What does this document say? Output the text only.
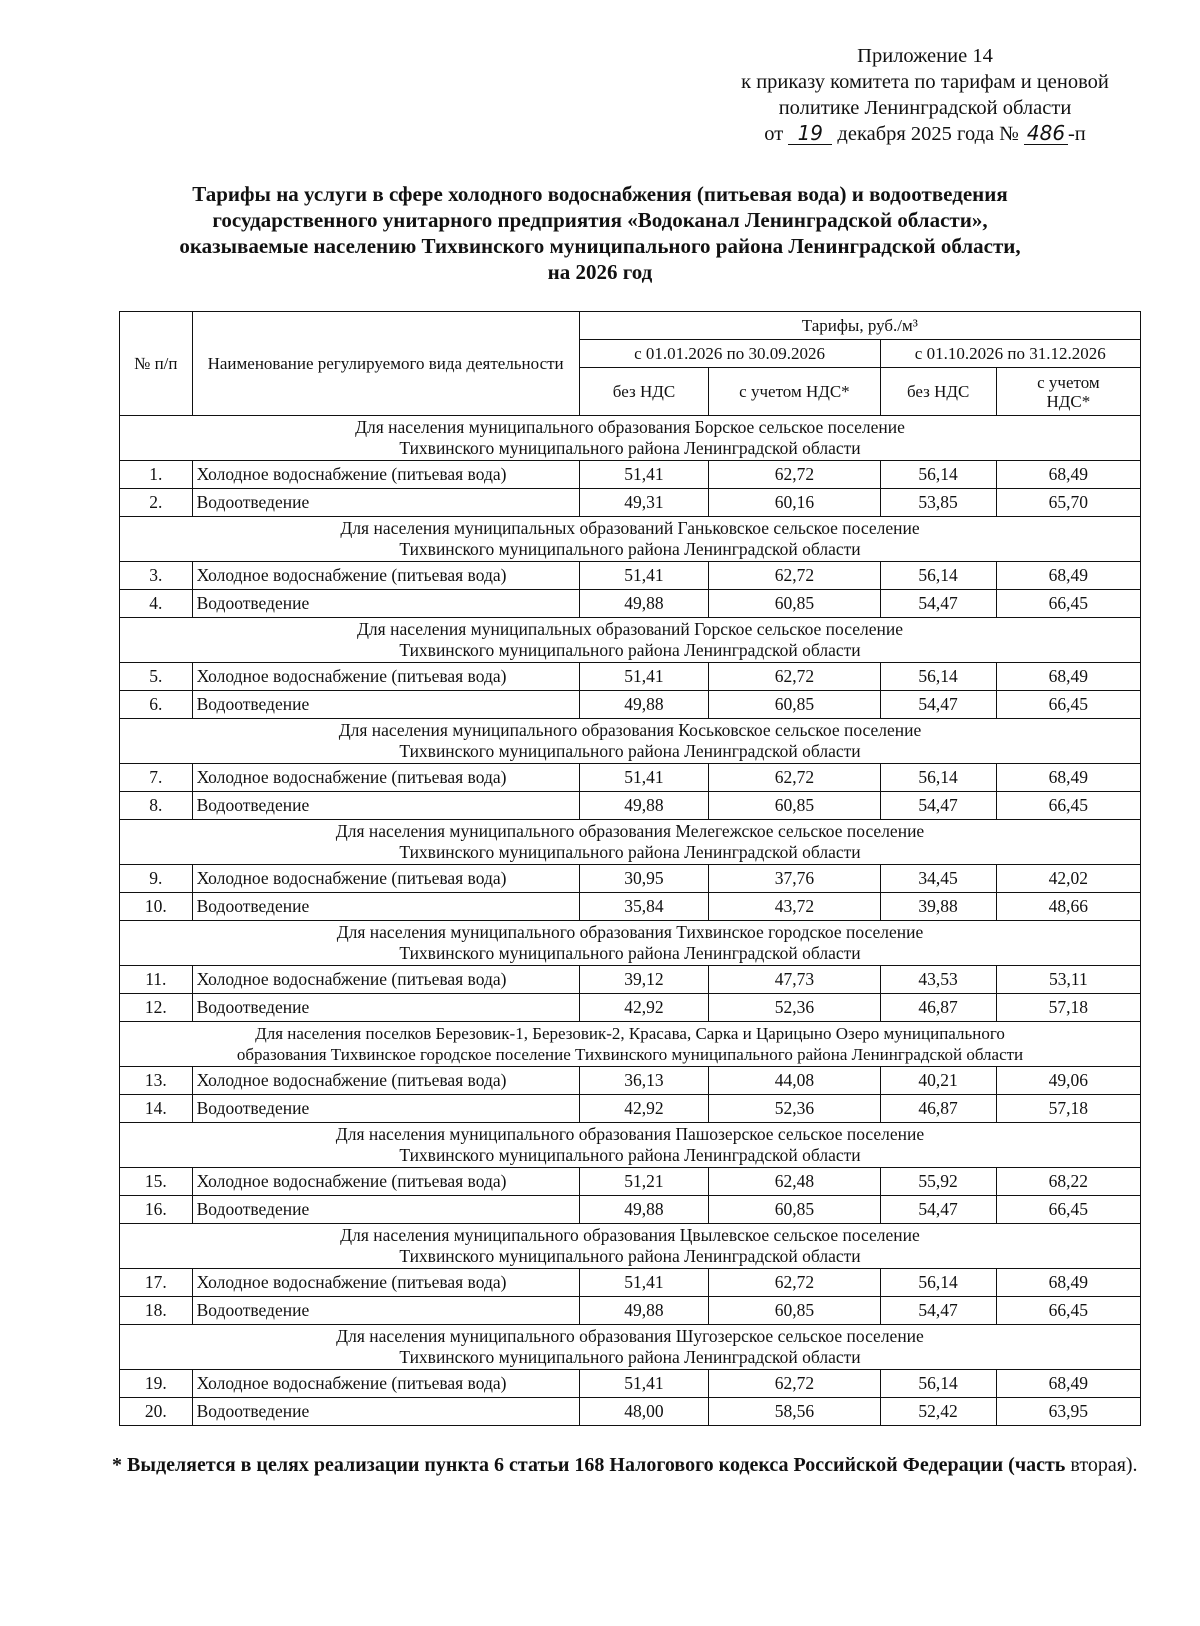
Приложение 14
к приказу комитета по тарифам и ценовой
политике Ленинградской области
от 19 декабря 2025 года № 486 -п
Тарифы на услуги в сфере холодного водоснабжения (питьевая вода) и водоотведения
государственного унитарного предприятия «Водоканал Ленинградской области»,
оказываемые населению Тихвинского муниципального района Ленинградской области,
на 2026 год
№ п/п	Наименование регулируемого вида деятельности	Тарифы, руб./м³			
		с 01.01.2026 по 30.09.2026		с 01.10.2026 по 31.12.2026	
		без НДС	с учетом НДС*	без НДС	с учетом НДС*

Для населения муниципального образования Борское сельское поселение
Тихвинского муниципального района Ленинградской области					

1.	Холодное водоснабжение (питьевая вода)	51,41	62,72	56,14	68,49
2.	Водоотведение	49,31	60,16	53,85	65,70

Для населения муниципальных образований Ганьковское сельское поселение
Тихвинского муниципального района Ленинградской области					

3.	Холодное водоснабжение (питьевая вода)	51,41	62,72	56,14	68,49
4.	Водоотведение	49,88	60,85	54,47	66,45

Для населения муниципальных образований Горское сельское поселение
Тихвинского муниципального района Ленинградской области					

5.	Холодное водоснабжение (питьевая вода)	51,41	62,72	56,14	68,49
6.	Водоотведение	49,88	60,85	54,47	66,45

Для населения муниципального образования Коськовское сельское поселение
Тихвинского муниципального района Ленинградской области					

7.	Холодное водоснабжение (питьевая вода)	51,41	62,72	56,14	68,49
8.	Водоотведение	49,88	60,85	54,47	66,45

Для населения муниципального образования Мелегежское сельское поселение
Тихвинского муниципального района Ленинградской области					

9.	Холодное водоснабжение (питьевая вода)	30,95	37,76	34,45	42,02
10.	Водоотведение	35,84	43,72	39,88	48,66

Для населения муниципального образования Тихвинское городское поселение
Тихвинского муниципального района Ленинградской области					

11.	Холодное водоснабжение (питьевая вода)	39,12	47,73	43,53	53,11
12.	Водоотведение	42,92	52,36	46,87	57,18

Для населения поселков Березовик-1, Березовик-2, Красава, Сарка и Царицыно Озеро муниципального
образования Тихвинское городское поселение Тихвинского муниципального района Ленинградской области					

13.	Холодное водоснабжение (питьевая вода)	36,13	44,08	40,21	49,06
14.	Водоотведение	42,92	52,36	46,87	57,18

Для населения муниципального образования Пашозерское сельское поселение
Тихвинского муниципального района Ленинградской области					

15.	Холодное водоснабжение (питьевая вода)	51,21	62,48	55,92	68,22
16.	Водоотведение	49,88	60,85	54,47	66,45

Для населения муниципального образования Цвылевское сельское поселение
Тихвинского муниципального района Ленинградской области					

17.	Холодное водоснабжение (питьевая вода)	51,41	62,72	56,14	68,49
18.	Водоотведение	49,88	60,85	54,47	66,45

Для населения муниципального образования Шугозерское сельское поселение
Тихвинского муниципального района Ленинградской области					

19.	Холодное водоснабжение (питьевая вода)	51,41	62,72	56,14	68,49
20.	Водоотведение	48,00	58,56	52,42	63,95
* Выделяется в целях реализации пункта 6 статьи 168 Налогового кодекса Российской Федерации (часть вторая).
